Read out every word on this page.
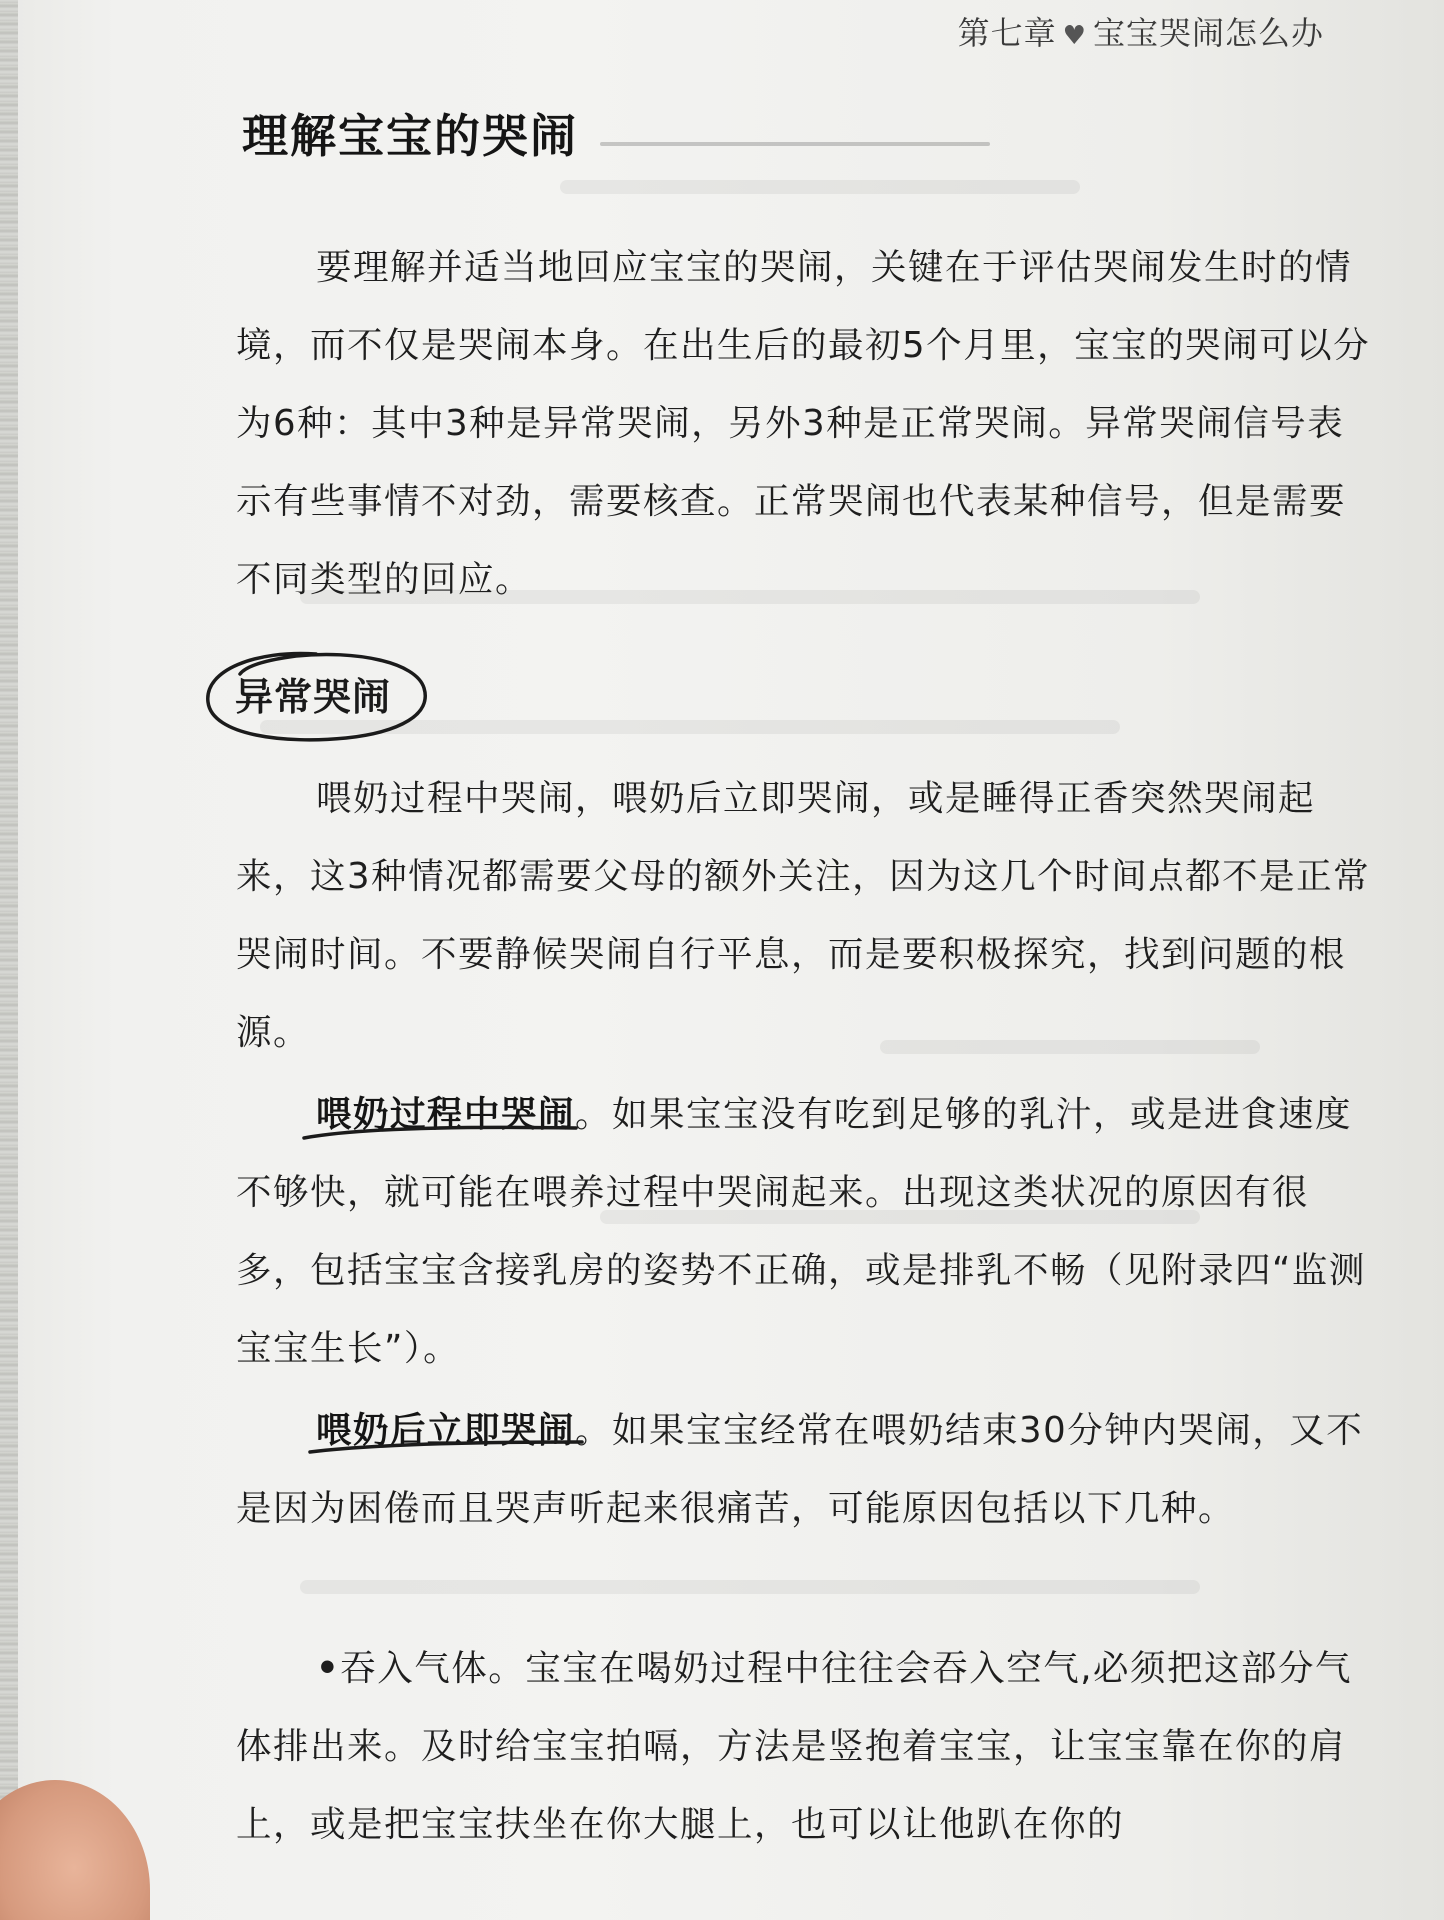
第七章 ♥ 宝宝哭闹怎么办
理解宝宝的哭闹

要理解并适当地回应宝宝的哭闹，关键在于评估哭闹发生时的情境，而不仅是哭闹本身。在出生后的最初5个月里，宝宝的哭闹可以分为6种：其中3种是异常哭闹，另外3种是正常哭闹。异常哭闹信号表示有些事情不对劲，需要核查。正常哭闹也代表某种信号，但是需要不同类型的回应。

异常哭闹

喂奶过程中哭闹，喂奶后立即哭闹，或是睡得正香突然哭闹起来，这3种情况都需要父母的额外关注，因为这几个时间点都不是正常哭闹时间。不要静候哭闹自行平息，而是要积极探究，找到问题的根源。

喂奶过程中哭闹。如果宝宝没有吃到足够的乳汁，或是进食速度不够快，就可能在喂养过程中哭闹起来。出现这类状况的原因有很多，包括宝宝含接乳房的姿势不正确，或是排乳不畅（见附录四“监测宝宝生长”）。

喂奶后立即哭闹。如果宝宝经常在喂奶结束30分钟内哭闹，又不是因为困倦而且哭声听起来很痛苦，可能原因包括以下几种。

•吞入气体。宝宝在喝奶过程中往往会吞入空气,必须把这部分气体排出来。及时给宝宝拍嗝，方法是竖抱着宝宝，让宝宝靠在你的肩上，或是把宝宝扶坐在你大腿上，也可以让他趴在你的
